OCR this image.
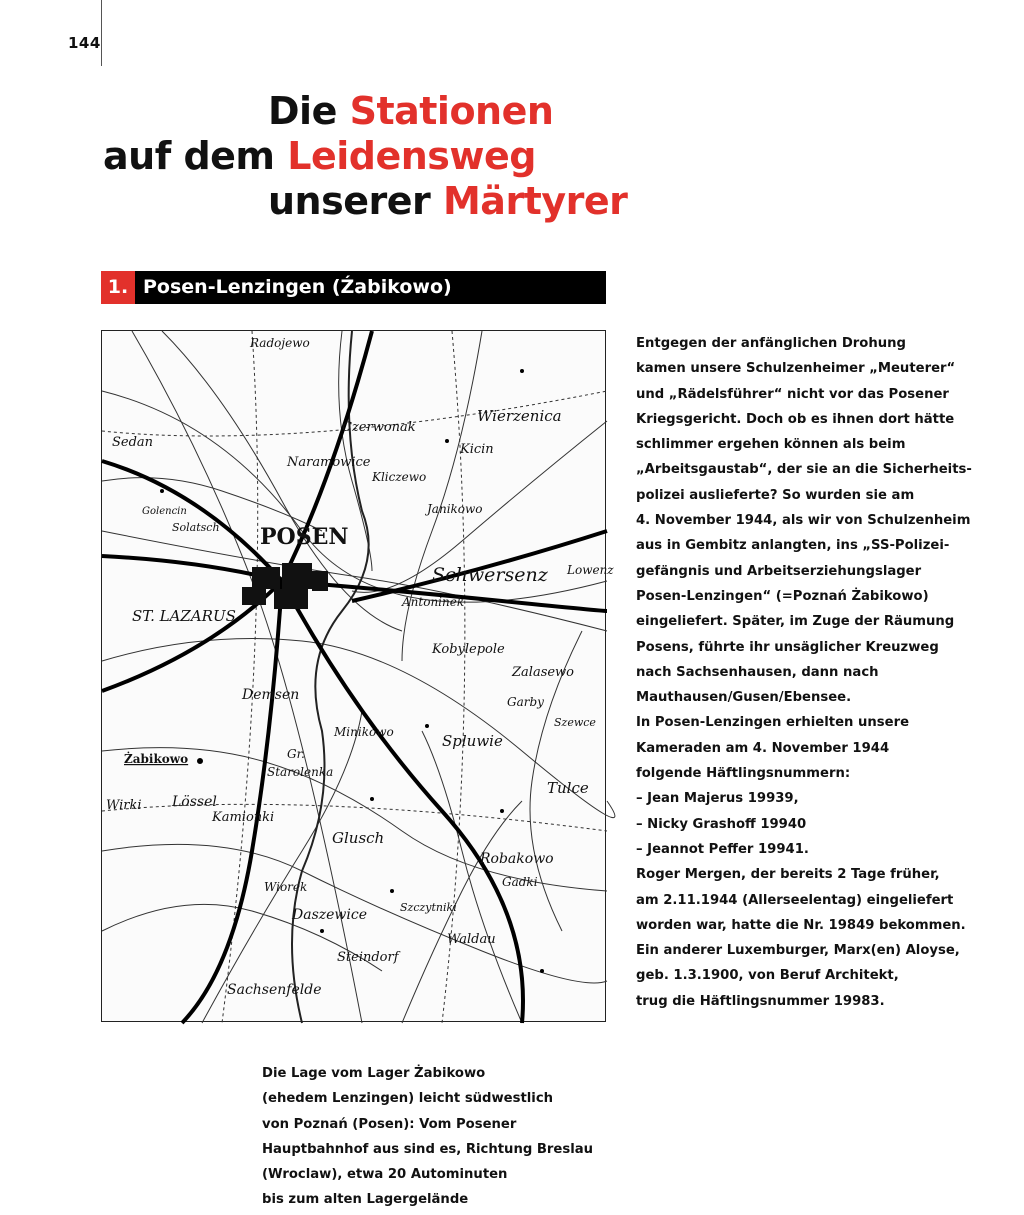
144
Die Stationen
auf dem Leidensweg
unserer Märtyrer
1. Posen-Lenzingen (Źabikowo)
POSEN
Schwersenz
Radojewo
Naramowice
Czerwonak
Wierzenica
Kicin
Kobylepole
Antoninek
Demsen
Minikowo	Spluwie
Żabikowo
Starolenka
Glusch
Robakowo
Daszewice
Sachsenfelde
Tulce
Steindorf
Wiorek
Lössel
Kamionki
Sedan
ST. LAZARUS
Wirki
Janikowo
Kliczewo
Golencin
Solatsch
Gr.
Lowenz
Szczytniki
Waldau
Szewce
Garby
Zalasewo
Gadki
Entgegen der anfänglichen Drohung
kamen unsere Schulzenheimer „Meuterer“
und „Rädelsführer“ nicht vor das Posener
Kriegsgericht. Doch ob es ihnen dort hätte
schlimmer ergehen können als beim
„Arbeitsgaustab“, der sie an die Sicherheits-
polizei auslieferte? So wurden sie am
4. November 1944, als wir von Schulzenheim
aus in Gembitz anlangten, ins „SS-Polizei-
gefängnis und Arbeitserziehungslager
Posen-Lenzingen“ (=Poznań Żabikowo)
eingeliefert. Später, im Zuge der Räumung
Posens, führte ihr unsäglicher Kreuzweg
nach Sachsenhausen, dann nach
Mauthausen/Gusen/Ebensee.
In Posen-Lenzingen erhielten unsere
Kameraden am 4. November 1944
folgende Häftlingsnummern:
– Jean Majerus 19939,
– Nicky Grashoff 19940
– Jeannot Peffer 19941.
Roger Mergen, der bereits 2 Tage früher,
am 2.11.1944 (Allerseelentag) eingeliefert
worden war, hatte die Nr. 19849 bekommen.
Ein anderer Luxemburger, Marx(en) Aloyse,
geb. 1.3.1900, von Beruf Architekt,
trug die Häftlingsnummer 19983.
Die Lage vom Lager Żabikowo
(ehedem Lenzingen) leicht südwestlich
von Poznań (Posen): Vom Posener
Hauptbahnhof aus sind es, Richtung Breslau
(Wroclaw), etwa 20 Autominuten
bis zum alten Lagergelände
